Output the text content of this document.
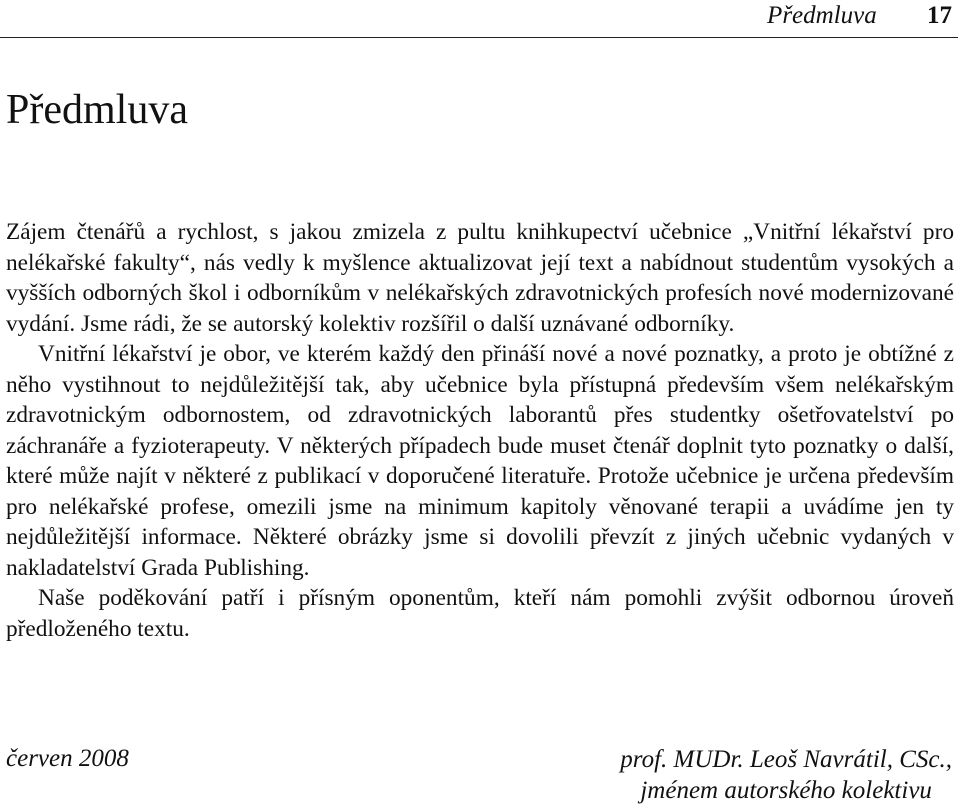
Předmluva 17
Předmluva

Zájem čtenářů a rychlost, s jakou zmizela z pultu knihkupectví učebnice „Vnitřní lékařství pro nelékařské fakulty“, nás vedly k myšlence aktualizovat její text a nabídnout studentům vysokých a vyšších odborných škol i odborníkům v nelékařských zdravotnických profesích nové modernizované vydání. Jsme rádi, že se autorský kolektiv rozšířil o další uznávané odborníky.

Vnitřní lékařství je obor, ve kterém každý den přináší nové a nové poznatky, a proto je obtížné z něho vystihnout to nejdůležitější tak, aby učebnice byla přístupná především všem nelékařským zdravotnickým odbornostem, od zdravotnických laborantů přes studentky ošetřovatelství po záchranáře a fyzioterapeuty. V některých případech bude muset čtenář doplnit tyto poznatky o další, které může najít v některé z publikací v doporučené literatuře. Protože učebnice je určena především pro nelékařské profese, omezili jsme na minimum kapitoly věnované terapii a uvádíme jen ty nejdůležitější informace. Některé obrázky jsme si dovolili převzít z jiných učebnic vydaných v nakladatelství Grada Publishing.

Naše poděkování patří i přísným oponentům, kteří nám pomohli zvýšit odbornou úroveň předloženého textu.

červen 2008	prof. MUDr. Leoš Navrátil, CSc.,
jménem autorského kolektivu
